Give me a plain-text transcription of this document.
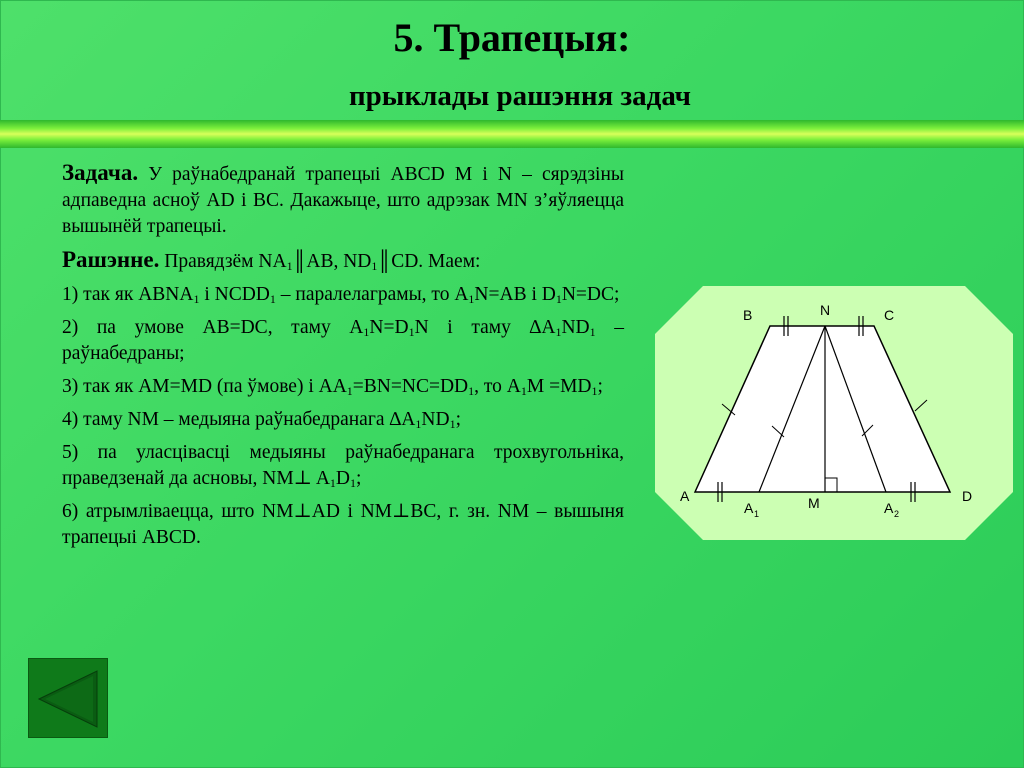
5. Трапецыя:
прыклады рашэння задач

Задача. У раўнабедранай трапецыі ABCD M і N – сярэдзіны адпаведна асноў AD і BC. Дакажыце, што адрэзак MN з’яўляецца вышынёй трапецыі.

Рашэнне. Правядзём $NA_1║AB$, $ND_1║CD$. Маем:

1) так як $ABNA_1$ і $NCDD_1$ – паралелаграмы, то $A_1N=AB$ і $D_1N=DC$;

2) па умове AB=DC, таму $A_1N=D_1N$ і таму $\Delta A_1ND_1$ – раўнабедраны;

3) так як AM=MD (па ўмове) і $AA_1=BN=NC=DD_1$, то $A_1M =MD_1$;

4) таму NM – медыяна раўнабедранага $\Delta A_1ND_1$;

5) па уласцівасці медыяны раўнабедранага трохвугольніка, праведзенай да асновы, NM⊥ $A_1D_1$;

6) атрымліваецца, што NM⊥AD і NM⊥BC, г. зн. NM – вышыня трапецыі ABCD.

B	N	C
A	D
M
A 1	A 2
